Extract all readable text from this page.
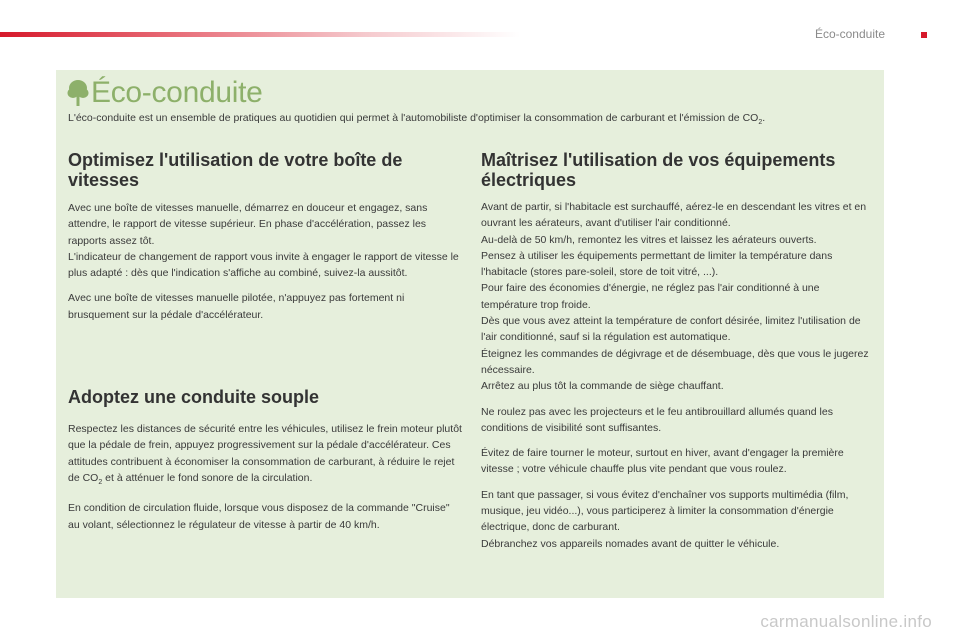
Éco-conduite
Éco-conduite
L'éco-conduite est un ensemble de pratiques au quotidien qui permet à l'automobiliste d'optimiser la consommation de carburant et l'émission de $CO_2$.
Optimisez l'utilisation de votre boîte de vitesses

Avec une boîte de vitesses manuelle, démarrez en douceur et engagez, sans attendre, le rapport de vitesse supérieur. En phase d'accélération, passez les rapports assez tôt.
L'indicateur de changement de rapport vous invite à engager le rapport de vitesse le plus adapté : dès que l'indication s'affiche au combiné, suivez-la aussitôt.

Avec une boîte de vitesses manuelle pilotée, n'appuyez pas fortement ni brusquement sur la pédale d'accélérateur.

Adoptez une conduite souple

Respectez les distances de sécurité entre les véhicules, utilisez le frein moteur plutôt que la pédale de frein, appuyez progressivement sur la pédale d'accélérateur. Ces attitudes contribuent à économiser la consommation de carburant, à réduire le rejet de $CO_2$ et à atténuer le fond sonore de la circulation.

En condition de circulation fluide, lorsque vous disposez de la commande "Cruise" au volant, sélectionnez le régulateur de vitesse à partir de 40 km/h.

Maîtrisez l'utilisation de vos équipements électriques

Avant de partir, si l'habitacle est surchauffé, aérez-le en descendant les vitres et en ouvrant les aérateurs, avant d'utiliser l'air conditionné.
Au-delà de 50 km/h, remontez les vitres et laissez les aérateurs ouverts.
Pensez à utiliser les équipements permettant de limiter la température dans l'habitacle (stores pare-soleil, store de toit vitré, ...).
Pour faire des économies d'énergie, ne réglez pas l'air conditionné à une température trop froide.
Dès que vous avez atteint la température de confort désirée, limitez l'utilisation de l'air conditionné, sauf si la régulation est automatique.
Éteignez les commandes de dégivrage et de désembuage, dès que vous le jugerez nécessaire.
Arrêtez au plus tôt la commande de siège chauffant.

Ne roulez pas avec les projecteurs et le feu antibrouillard allumés quand les conditions de visibilité sont suffisantes.

Évitez de faire tourner le moteur, surtout en hiver, avant d'engager la première vitesse ; votre véhicule chauffe plus vite pendant que vous roulez.

En tant que passager, si vous évitez d'enchaîner vos supports multimédia (film, musique, jeu vidéo...), vous participerez à limiter la consommation d'énergie électrique, donc de carburant.
Débranchez vos appareils nomades avant de quitter le véhicule.

carmanualsonline.info
